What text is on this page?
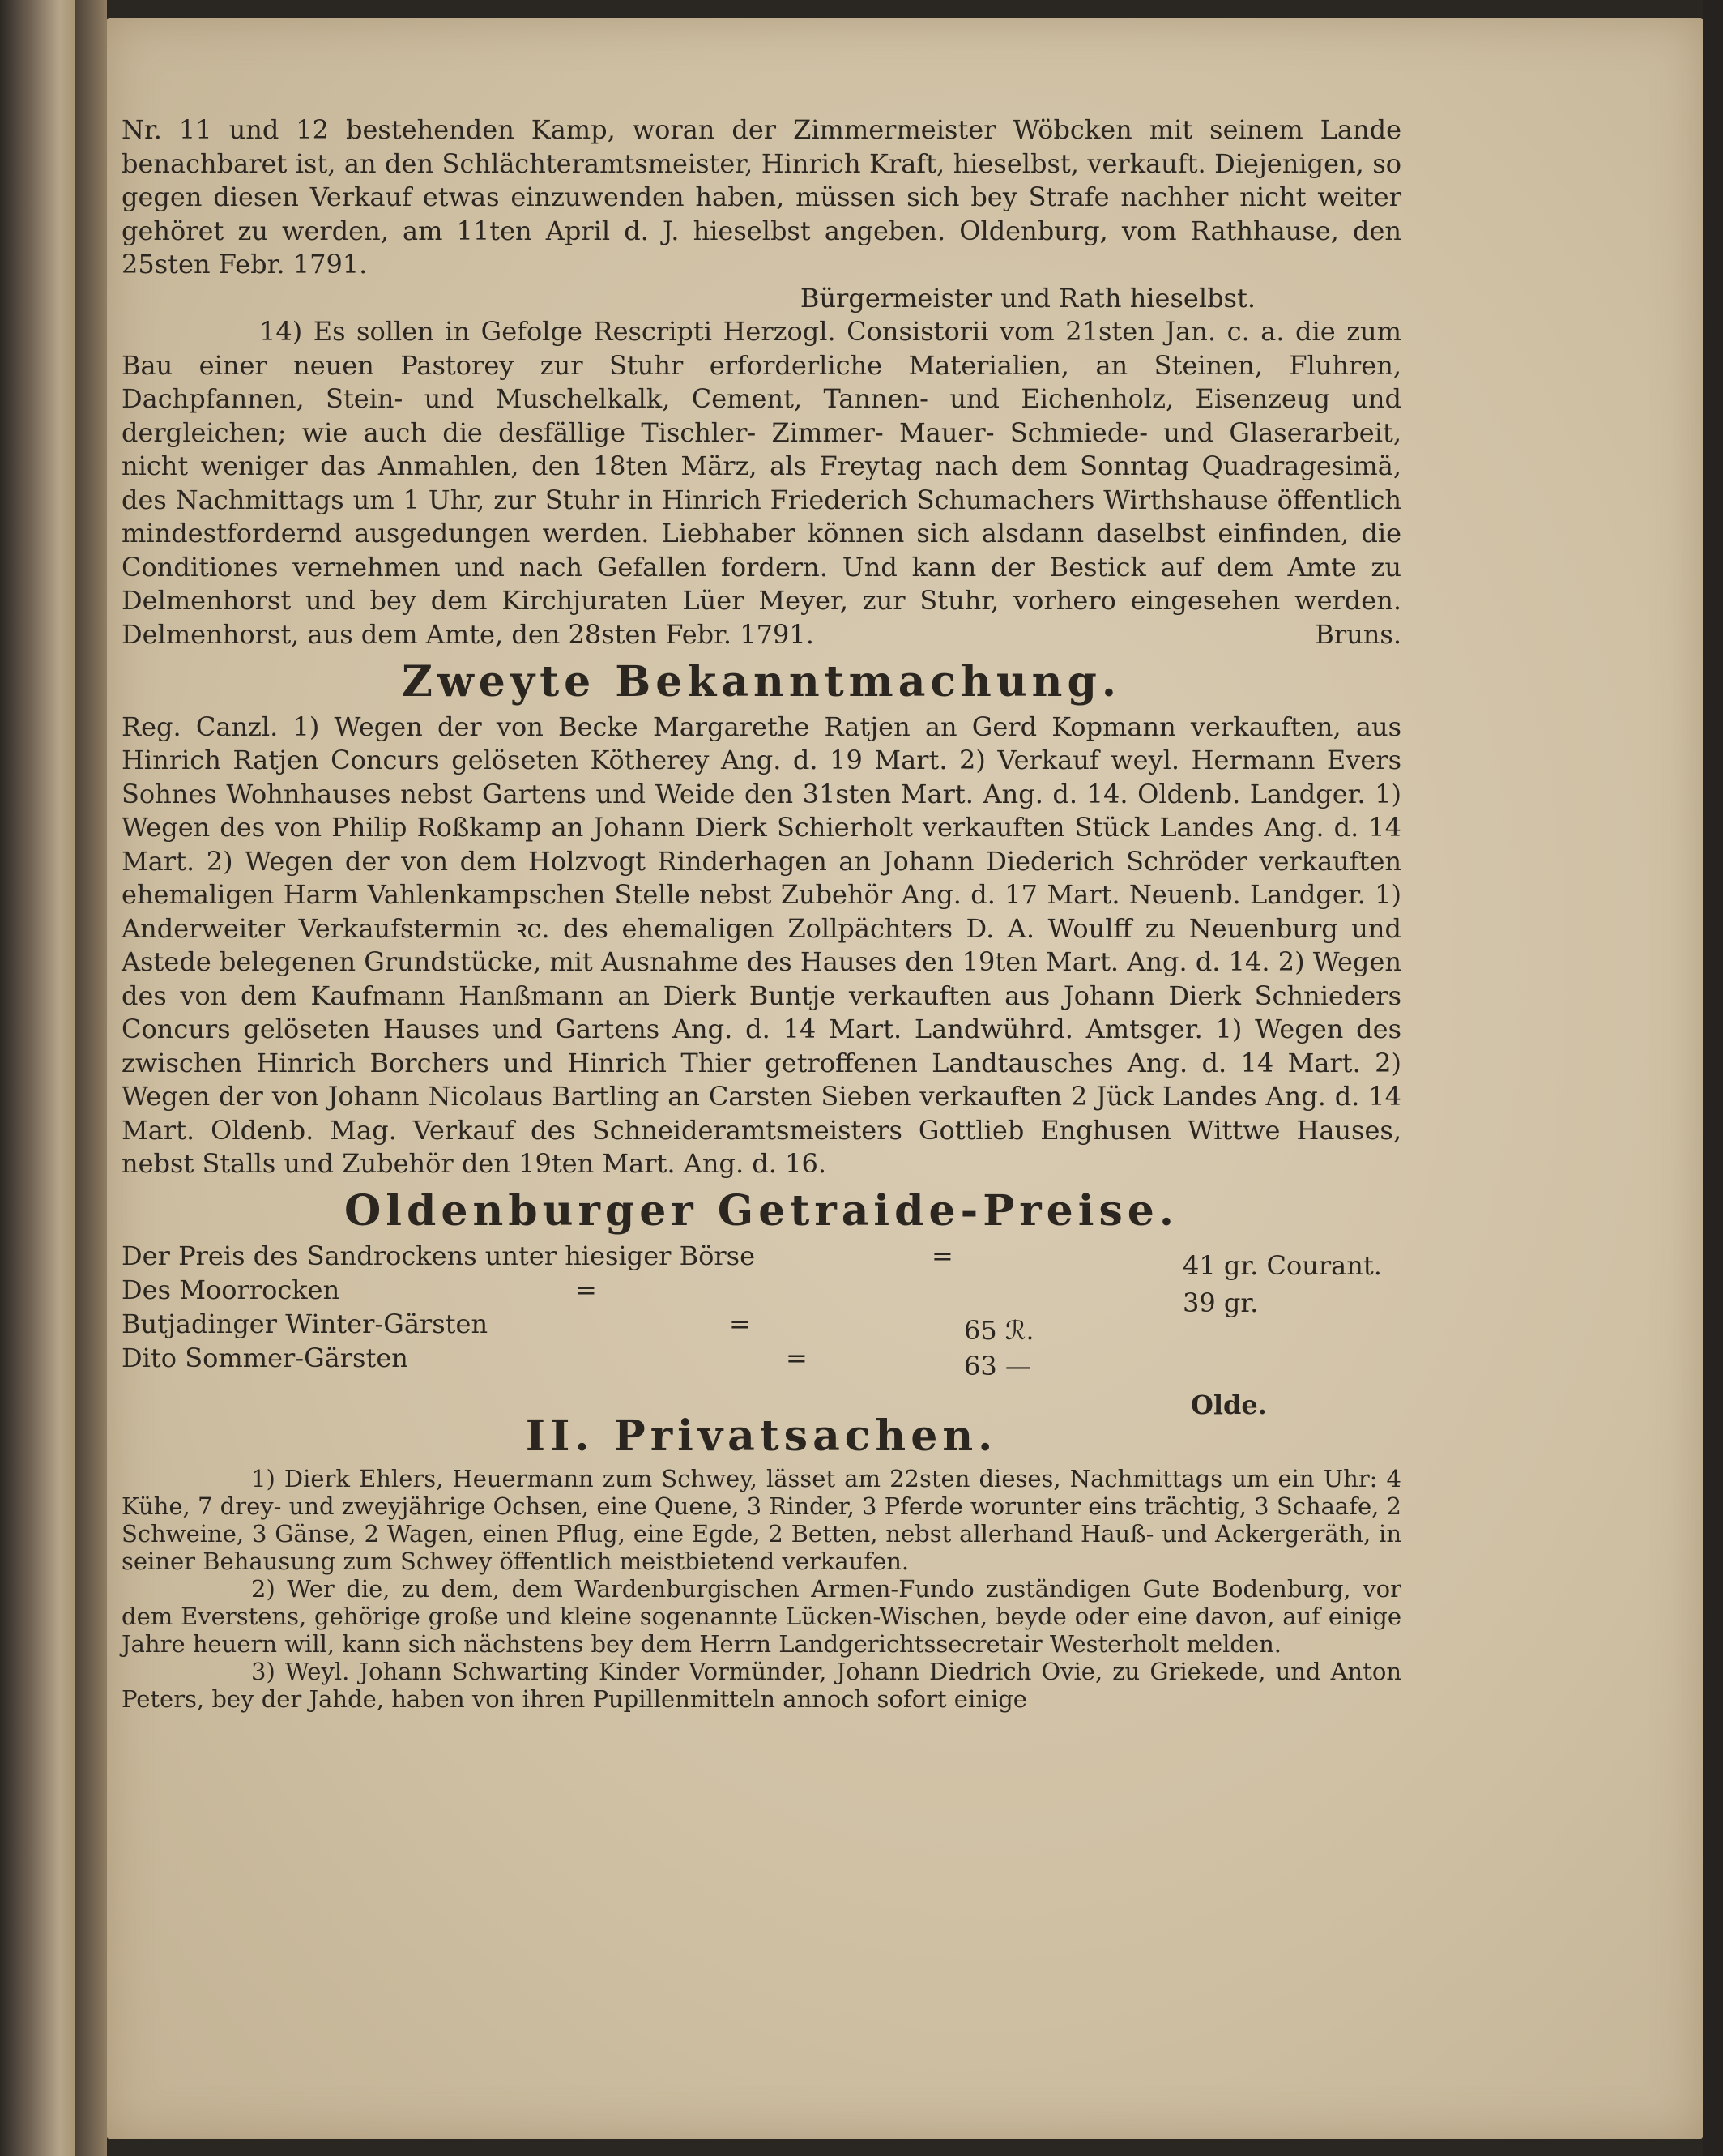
Nr. 11 und 12 bestehenden Kamp, woran der Zimmermeister Wöbcken mit seinem Lande benachbaret ist, an den Schlächteramtsmeister, Hinrich Kraft, hieselbst, verkauft. Diejenigen, so gegen diesen Verkauf etwas einzuwenden haben, müssen sich bey Strafe nachher nicht weiter gehöret zu werden, am 11ten April d. J. hieselbst angeben. Oldenburg, vom Rathhause, den 25sten Febr. 1791.

Bürgermeister und Rath hieselbst.

14) Es sollen in Gefolge Rescripti Herzogl. Consistorii vom 21sten Jan. c. a. die zum Bau einer neuen Pastorey zur Stuhr erforderliche Materialien, an Steinen, Fluhren, Dachpfannen, Stein- und Muschelkalk, Cement, Tannen- und Eichenholz, Eisenzeug und dergleichen; wie auch die desfällige Tischler- Zimmer- Mauer- Schmiede- und Glaserarbeit, nicht weniger das Anmahlen, den 18ten März, als Freytag nach dem Sonntag Quadragesimä, des Nachmittags um 1 Uhr, zur Stuhr in Hinrich Friederich Schumachers Wirthshause öffentlich mindestfordernd ausgedungen werden. Liebhaber können sich alsdann daselbst einfinden, die Conditiones vernehmen und nach Gefallen fordern. Und kann der Bestick auf dem Amte zu Delmenhorst und bey dem Kirchjuraten Lüer Meyer, zur Stuhr, vorhero eingesehen werden. Delmenhorst, aus dem Amte, den 28sten Febr. 1791.	Bruns.

Zweyte Bekanntmachung.

Reg. Canzl. 1) Wegen der von Becke Margarethe Ratjen an Gerd Kopmann verkauften, aus Hinrich Ratjen Concurs gelöseten Kötherey Ang. d. 19 Mart. 2) Verkauf weyl. Hermann Evers Sohnes Wohnhauses nebst Gartens und Weide den 31sten Mart. Ang. d. 14. Oldenb. Landger. 1) Wegen des von Philip Roßkamp an Johann Dierk Schierholt verkauften Stück Landes Ang. d. 14 Mart. 2) Wegen der von dem Holzvogt Rinderhagen an Johann Diederich Schröder verkauften ehemaligen Harm Vahlenkampschen Stelle nebst Zubehör Ang. d. 17 Mart. Neuenb. Landger. 1) Anderweiter Verkaufstermin ꝛc. des ehemaligen Zollpächters D. A. Woulff zu Neuenburg und Astede belegenen Grundstücke, mit Ausnahme des Hauses den 19ten Mart. Ang. d. 14. 2) Wegen des von dem Kaufmann Hanßmann an Dierk Buntje verkauften aus Johann Dierk Schnieders Concurs gelöseten Hauses und Gartens Ang. d. 14 Mart. Landwührd. Amtsger. 1) Wegen des zwischen Hinrich Borchers und Hinrich Thier getroffenen Landtausches Ang. d. 14 Mart. 2) Wegen der von Johann Nicolaus Bartling an Carsten Sieben verkauften 2 Jück Landes Ang. d. 14 Mart. Oldenb. Mag. Verkauf des Schneideramtsmeisters Gottlieb Enghusen Wittwe Hauses, nebst Stalls und Zubehör den 19ten Mart. Ang. d. 16.

Oldenburger Getraide-Preise.
Der Preis des Sandrockens unter hiesiger Börse	=	41 gr. Courant.
Des Moorrocken	=	39 gr.
Butjadinger Winter-Gärsten	=	65 ℛ.
Dito Sommer-Gärsten	=	63 —
Olde.
II. Privatsachen.

1) Dierk Ehlers, Heuermann zum Schwey, lässet am 22sten dieses, Nachmittags um ein Uhr: 4 Kühe, 7 drey- und zweyjährige Ochsen, eine Quene, 3 Rinder, 3 Pferde worunter eins trächtig, 3 Schaafe, 2 Schweine, 3 Gänse, 2 Wagen, einen Pflug, eine Egde, 2 Betten, nebst allerhand Hauß- und Ackergeräth, in seiner Behausung zum Schwey öffentlich meistbietend verkaufen.

2) Wer die, zu dem, dem Wardenburgischen Armen-Fundo zuständigen Gute Bodenburg, vor dem Everstens, gehörige große und kleine sogenannte Lücken-Wischen, beyde oder eine davon, auf einige Jahre heuern will, kann sich nächstens bey dem Herrn Landgerichtssecretair Westerholt melden.

3) Weyl. Johann Schwarting Kinder Vormünder, Johann Diedrich Ovie, zu Griekede, und Anton Peters, bey der Jahde, haben von ihren Pupillenmitteln annoch sofort einige
